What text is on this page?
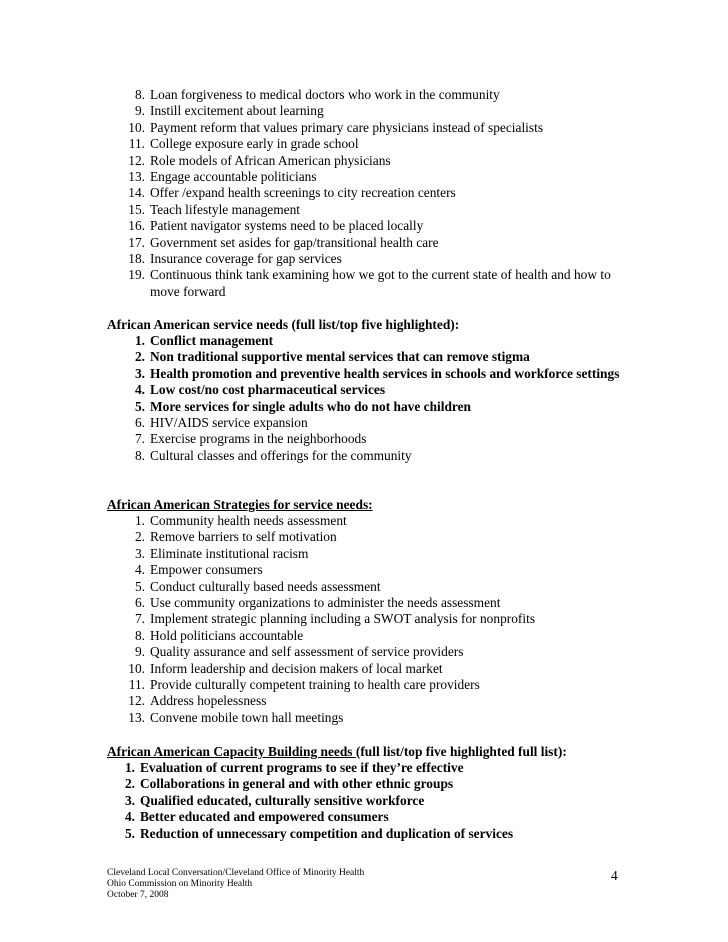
8. Loan forgiveness to medical doctors who work in the community
9. Instill excitement about learning
10. Payment reform that values primary care physicians instead of specialists
11. College exposure early in grade school
12. Role models of African American physicians
13. Engage accountable politicians
14. Offer /expand health screenings to city recreation centers
15. Teach lifestyle management
16. Patient navigator systems need to be placed locally
17. Government set asides for gap/transitional health care
18. Insurance coverage for gap services
19. Continuous think tank examining how we got to the current state of health and how to move forward
African American service needs (full list/top five highlighted):
1. Conflict management
2. Non traditional supportive mental services that can remove stigma
3. Health promotion and preventive health services in schools and workforce settings
4. Low cost/no cost pharmaceutical services
5. More services for single adults who do not have children
6. HIV/AIDS service expansion
7. Exercise programs in the neighborhoods
8. Cultural classes and offerings for the community
African American Strategies for service needs:
1. Community health needs assessment
2. Remove barriers to self motivation
3. Eliminate institutional racism
4. Empower consumers
5. Conduct culturally based needs assessment
6. Use community organizations to administer the needs assessment
7. Implement strategic planning including a SWOT analysis for nonprofits
8. Hold politicians accountable
9. Quality assurance and self assessment of service providers
10. Inform leadership and decision makers of local market
11. Provide culturally competent training to health care providers
12. Address hopelessness
13. Convene mobile town hall meetings
African American Capacity Building needs (full list/top five highlighted full list):
1. Evaluation of current programs to see if they’re effective
2. Collaborations in general and with other ethnic groups
3. Qualified educated, culturally sensitive workforce
4. Better educated and empowered consumers
5. Reduction of unnecessary competition and duplication of services
Cleveland Local Conversation/Cleveland Office of Minority Health
Ohio Commission on Minority Health
October 7, 2008
4
